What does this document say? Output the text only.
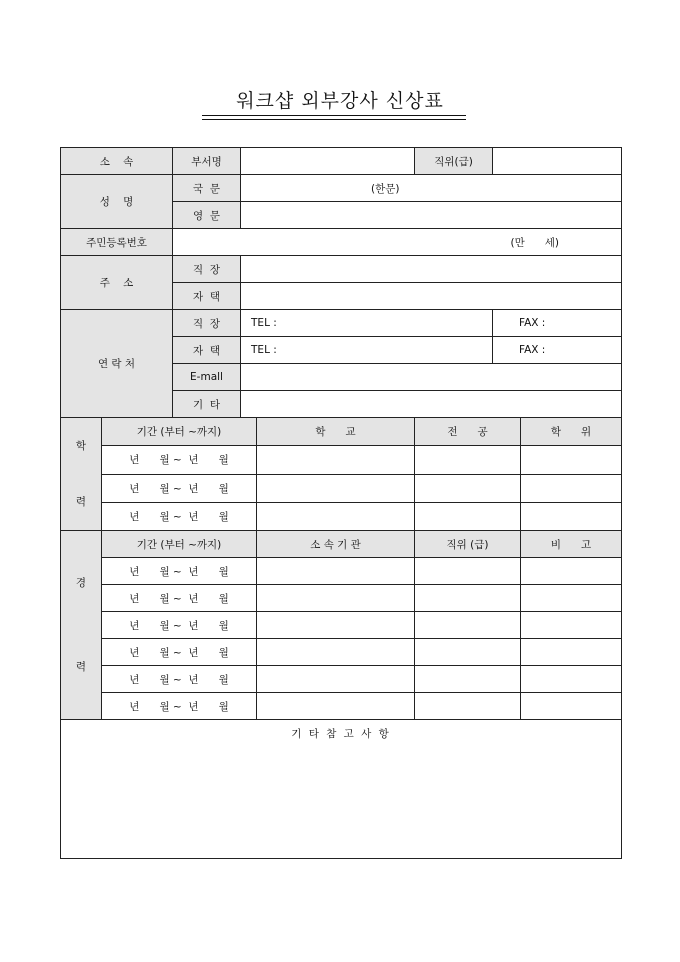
워크샵 외부강사 신상표
소    속		부서명			직위(급)		
성    명		국  문	(한문)				
		영  문					
주민등록번호		(만      세)					
주    소		직  장					
		자  택					
연 락 처		직  장	TEL :			FAX :	
		자  택	TEL :			FAX :	
		E-mall					
		기  타					

학
력	기간 (부터 ~까지)			학      교	전      공		학      위
	년      월 ~  년      월						
	년      월 ~  년      월						
	년      월 ~  년      월						

경
력	기간 (부터 ~까지)			소 속 기 관	직위 (급)		비      고
	년      월 ~  년      월						
	년      월 ~  년      월						
	년      월 ~  년      월						
	년      월 ~  년      월						
	년      월 ~  년      월						
	년      월 ~  년      월						
기 타 참 고 사 항							
